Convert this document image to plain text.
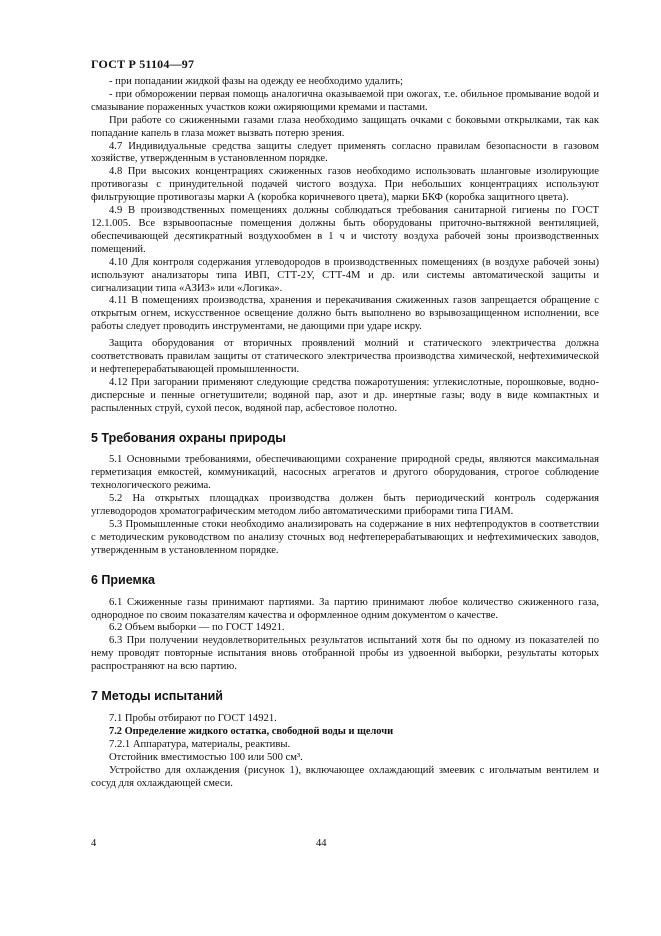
ГОСТ Р 51104—97

- при попадании жидкой фазы на одежду ее необходимо удалить;

- при обморожении первая помощь аналогична оказываемой при ожогах, т.е. обильное промывание водой и смазывание пораженных участков кожи ожиряющими кремами и пастами.

При работе со сжиженными газами глаза необходимо защищать очками с боковыми открылками, так как попадание капель в глаза может вызвать потерю зрения.

4.7 Индивидуальные средства защиты следует применять согласно правилам безопасности в газовом хозяйстве, утвержденным в установленном порядке.

4.8 При высоких концентрациях сжиженных газов необходимо использовать шланговые изолирующие противогазы с принудительной подачей чистого воздуха. При небольших концентрациях используют фильтрующие противогазы марки А (коробка коричневого цвета), марки БКФ (коробка защитного цвета).

4.9 В производственных помещениях должны соблюдаться требования санитарной гигиены по ГОСТ 12.1.005. Все взрывоопасные помещения должны быть оборудованы приточно-вытяжной вентиляцией, обеспечивающей десятикратный воздухообмен в 1 ч и чистоту воздуха рабочей зоны производственных помещений.

4.10 Для контроля содержания углеводородов в производственных помещениях (в воздухе рабочей зоны) используют анализаторы типа ИВП, СТТ-2У, СТТ-4М и др. или системы автоматической защиты и сигнализации типа «АЗИЗ» или «Логика».

4.11 В помещениях производства, хранения и перекачивания сжиженных газов запрещается обращение с открытым огнем, искусственное освещение должно быть выполнено во взрывозащищенном исполнении, все работы следует проводить инструментами, не дающими при ударе искру.

Защита оборудования от вторичных проявлений молний и статического электричества должна соответствовать правилам защиты от статического электричества производства химической, нефтехимической и нефтеперерабатывающей промышленности.

4.12 При загорании применяют следующие средства пожаротушения: углекислотные, порошковые, водно-дисперсные и пенные огнетушители; водяной пар, азот и др. инертные газы; воду в виде компактных и распыленных струй, сухой песок, водяной пар, асбестовое полотно.

5 Требования охраны природы

5.1 Основными требованиями, обеспечивающими сохранение природной среды, являются максимальная герметизация емкостей, коммуникаций, насосных агрегатов и другого оборудования, строгое соблюдение технологического режима.

5.2 На открытых площадках производства должен быть периодический контроль содержания углеводородов хроматографическим методом либо автоматическими приборами типа ГИАМ.

5.3 Промышленные стоки необходимо анализировать на содержание в них нефтепродуктов в соответствии с методическим руководством по анализу сточных вод нефтеперерабатывающих и нефтехимических заводов, утвержденным в установленном порядке.

6 Приемка

6.1 Сжиженные газы принимают партиями. За партию принимают любое количество сжиженного газа, однородное по своим показателям качества и оформленное одним документом о качестве.

6.2 Объем выборки — по ГОСТ 14921.

6.3 При получении неудовлетворительных результатов испытаний хотя бы по одному из показателей по нему проводят повторные испытания вновь отобранной пробы из удвоенной выборки, результаты которых распространяют на всю партию.

7 Методы испытаний

7.1 Пробы отбирают по ГОСТ 14921.

7.2 Определение жидкого остатка, свободной воды и щелочи

7.2.1 Аппаратура, материалы, реактивы.

Отстойник вместимостью 100 или 500 см³.

Устройство для охлаждения (рисунок 1), включающее охлаждающий змеевик с игольчатым вентилем и сосуд для охлаждающей смеси.

4	44
